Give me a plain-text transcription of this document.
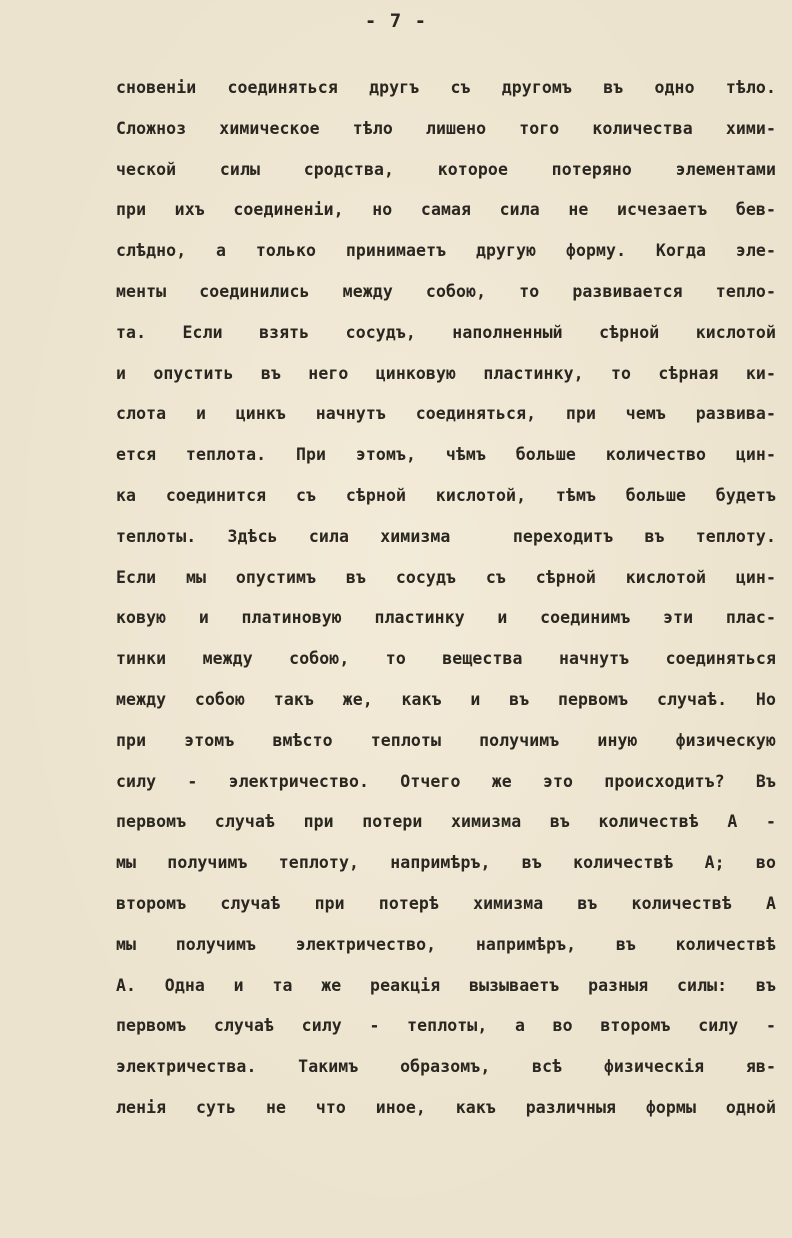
- 7 -
сновенiи соединяться другъ съ другомъ въ одно тѣло.
Сложноз химическое тѣло лишено того количества хими-
ческой силы сродства, которое потеряно элементами
при ихъ соединенiи, но самая сила не исчезаетъ бев-
слѣдно, а только принимаетъ другую форму. Когда эле-
менты соединились между собою, то развивается тепло-
та. Если взять сосудъ, наполненный сѣрной кислотой
и опустить въ него цинковую пластинку, то сѣрная ки-
слота и цинкъ начнутъ соединяться, при чемъ развива-
ется теплота. При этомъ, чѣмъ больше количество цин-
ка соединится съ сѣрной кислотой, тѣмъ больше будетъ
теплоты. Здѣсь сила химизма  переходитъ въ теплоту.
Если мы опустимъ въ сосудъ съ сѣрной кислотой цин-
ковую и платиновую пластинку и соединимъ эти плас-
тинки между собою, то вещества начнутъ соединяться
между собою такъ же, какъ и въ первомъ случаѣ. Но
при этомъ вмѣсто теплоты получимъ иную физическую
силу - электричество. Отчего же это происходитъ? Въ
первомъ случаѣ при потери химизма въ количествѣ А -
мы получимъ теплоту, напримѣръ, въ количествѣ А; во
второмъ случаѣ при потерѣ химизма въ количествѣ А
мы получимъ электричество, напримѣръ, въ количествѣ
А. Одна и та же реакцiя вызываетъ разныя силы: въ
первомъ случаѣ силу - теплоты, а во второмъ силу -
электричества. Такимъ образомъ, всѣ физическiя яв-
ленiя суть не что иное, какъ различныя формы одной
